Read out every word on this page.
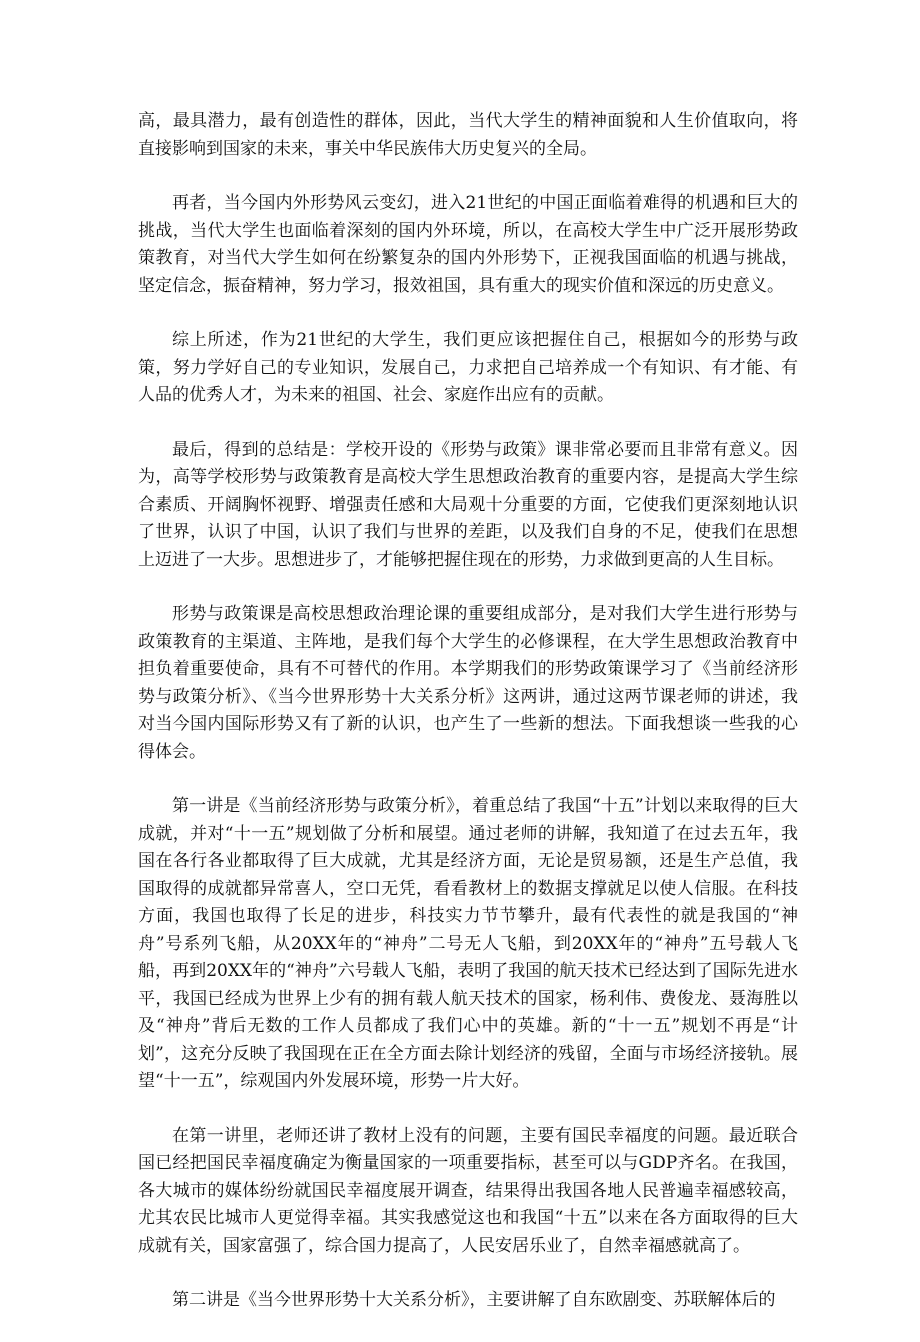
高，最具潜力，最有创造性的群体，因此，当代大学生的精神面貌和人生价值取向，将直接影响到国家的未来，事关中华民族伟大历史复兴的全局。

再者，当今国内外形势风云变幻，进入21世纪的中国正面临着难得的机遇和巨大的挑战，当代大学生也面临着深刻的国内外环境，所以，在高校大学生中广泛开展形势政策教育，对当代大学生如何在纷繁复杂的国内外形势下，正视我国面临的机遇与挑战，坚定信念，振奋精神，努力学习，报效祖国，具有重大的现实价值和深远的历史意义。

综上所述，作为21世纪的大学生，我们更应该把握住自己，根据如今的形势与政策，努力学好自己的专业知识，发展自己，力求把自己培养成一个有知识、有才能、有人品的优秀人才，为未来的祖国、社会、家庭作出应有的贡献。

最后，得到的总结是：学校开设的《形势与政策》课非常必要而且非常有意义。因为，高等学校形势与政策教育是高校大学生思想政治教育的重要内容，是提高大学生综合素质、开阔胸怀视野、增强责任感和大局观十分重要的方面，它使我们更深刻地认识了世界，认识了中国，认识了我们与世界的差距，以及我们自身的不足，使我们在思想上迈进了一大步。思想进步了，才能够把握住现在的形势，力求做到更高的人生目标。

形势与政策课是高校思想政治理论课的重要组成部分，是对我们大学生进行形势与政策教育的主渠道、主阵地，是我们每个大学生的必修课程，在大学生思想政治教育中担负着重要使命，具有不可替代的作用。本学期我们的形势政策课学习了《当前经济形势与政策分析》、《当今世界形势十大关系分析》这两讲，通过这两节课老师的讲述，我对当今国内国际形势又有了新的认识，也产生了一些新的想法。下面我想谈一些我的心得体会。

第一讲是《当前经济形势与政策分析》，着重总结了我国“十五”计划以来取得的巨大成就，并对“十一五”规划做了分析和展望。通过老师的讲解，我知道了在过去五年，我国在各行各业都取得了巨大成就，尤其是经济方面，无论是贸易额，还是生产总值，我国取得的成就都异常喜人，空口无凭，看看教材上的数据支撑就足以使人信服。在科技方面，我国也取得了长足的进步，科技实力节节攀升，最有代表性的就是我国的“神舟”号系列飞船，从20XX年的“神舟”二号无人飞船，到20XX年的“神舟”五号载人飞船，再到20XX年的“神舟”六号载人飞船，表明了我国的航天技术已经达到了国际先进水平，我国已经成为世界上少有的拥有载人航天技术的国家，杨利伟、费俊龙、聂海胜以及“神舟”背后无数的工作人员都成了我们心中的英雄。新的“十一五”规划不再是“计划”，这充分反映了我国现在正在全方面去除计划经济的残留，全面与市场经济接轨。展望“十一五”，综观国内外发展环境，形势一片大好。

在第一讲里，老师还讲了教材上没有的问题，主要有国民幸福度的问题。最近联合国已经把国民幸福度确定为衡量国家的一项重要指标，甚至可以与GDP齐名。在我国，各大城市的媒体纷纷就国民幸福度展开调查，结果得出我国各地人民普遍幸福感较高，尤其农民比城市人更觉得幸福。其实我感觉这也和我国“十五”以来在各方面取得的巨大成就有关，国家富强了，综合国力提高了，人民安居乐业了，自然幸福感就高了。

第二讲是《当今世界形势十大关系分析》，主要讲解了自东欧剧变、苏联解体后的
